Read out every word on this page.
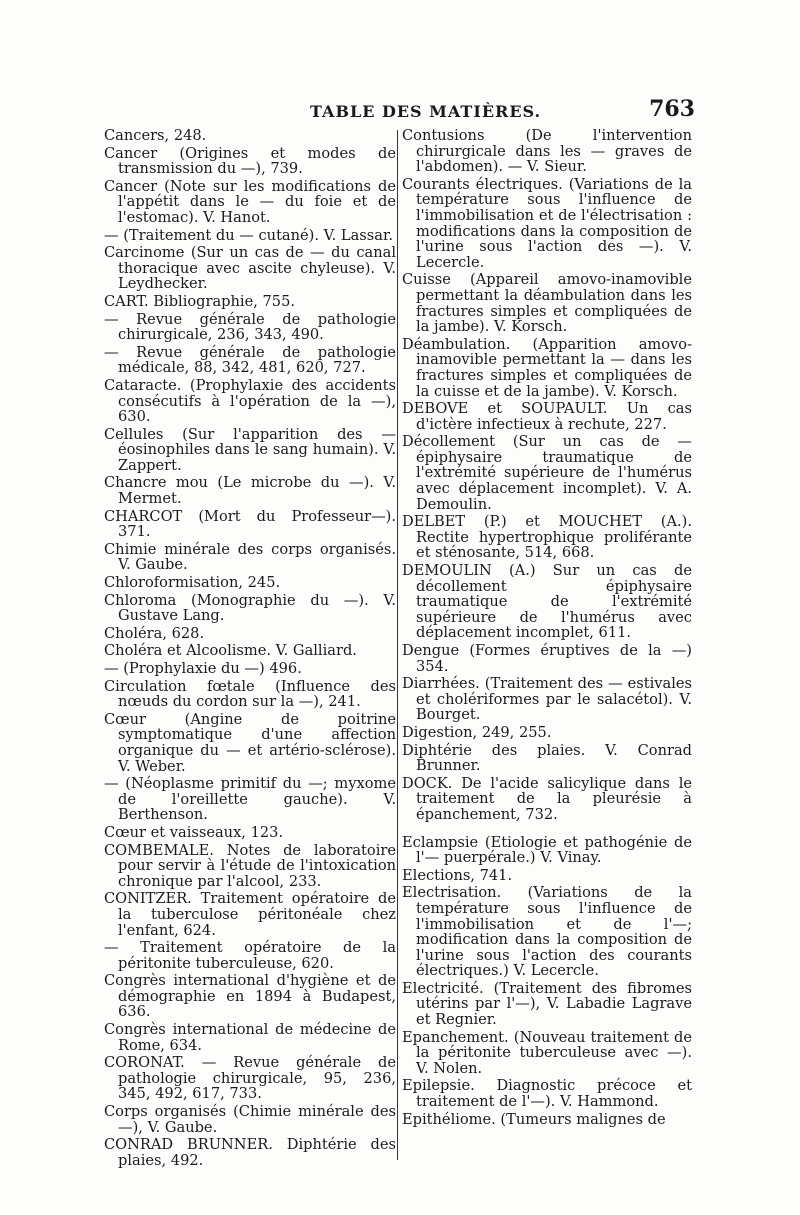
TABLE DES MATIÈRES.	763

Cancers, 248.

Cancer (Origines et modes de transmission du —), 739.

Cancer (Note sur les modifications de l'appétit dans le — du foie et de l'estomac). V. Hanot.

— (Traitement du — cutané). V. Lassar.

Carcinome (Sur un cas de — du canal thoracique avec ascite chyleuse). V. Leydhecker.

CART. Bibliographie, 755.

— Revue générale de pathologie chirurgicale, 236, 343, 490.

— Revue générale de pathologie médicale, 88, 342, 481, 620, 727.

Cataracte. (Prophylaxie des accidents consécutifs à l'opération de la —), 630.

Cellules (Sur l'apparition des — éosinophiles dans le sang humain). V. Zappert.

Chancre mou (Le microbe du —). V. Mermet.

CHARCOT (Mort du Professeur—). 371.

Chimie minérale des corps organisés. V. Gaube.

Chloroformisation, 245.

Chloroma (Monographie du —). V. Gustave Lang.

Choléra, 628.

Choléra et Alcoolisme. V. Galliard.

— (Prophylaxie du —) 496.

Circulation fœtale (Influence des nœuds du cordon sur la —), 241.

Cœur (Angine de poitrine symptomatique d'une affection organique du — et artério-sclérose). V. Weber.

— (Néoplasme primitif du —; myxome de l'oreillette gauche). V. Berthenson.

Cœur et vaisseaux, 123.

COMBEMALE. Notes de laboratoire pour servir à l'étude de l'intoxication chronique par l'alcool, 233.

CONITZER. Traitement opératoire de la tuberculose péritonéale chez l'enfant, 624.

— Traitement opératoire de la péritonite tuberculeuse, 620.

Congrès international d'hygiène et de démographie en 1894 à Budapest, 636.

Congrès international de médecine de Rome, 634.

CORONAT. — Revue générale de pathologie chirurgicale, 95, 236, 345, 492, 617, 733.

Corps organisés (Chimie minérale des —), V. Gaube.

CONRAD BRUNNER. Diphtérie des plaies, 492.

Contusions (De l'intervention chirurgicale dans les — graves de l'abdomen). — V. Sieur.

Courants électriques. (Variations de la température sous l'influence de l'immobilisation et de l'électrisation : modifications dans la composition de l'urine sous l'action des —). V. Lecercle.

Cuisse (Appareil amovo-inamovible permettant la déambulation dans les fractures simples et compliquées de la jambe). V. Korsch.

Déambulation. (Apparition amovo-inamovible permettant la — dans les fractures simples et compliquées de la cuisse et de la jambe). V. Korsch.

DEBOVE et SOUPAULT. Un cas d'ictère infectieux à rechute, 227.

Décollement (Sur un cas de — épiphysaire traumatique de l'extrémité supérieure de l'humérus avec déplacement incomplet). V. A. Demoulin.

DELBET (P.) et MOUCHET (A.). Rectite hypertrophique proliférante et sténosante, 514, 668.

DEMOULIN (A.) Sur un cas de décollement épiphysaire traumatique de l'extrémité supérieure de l'humérus avec déplacement incomplet, 611.

Dengue (Formes éruptives de la —) 354.

Diarrhées. (Traitement des — estivales et cholériformes par le salacétol). V. Bourget.

Digestion, 249, 255.

Diphtérie des plaies. V. Conrad Brunner.

DOCK. De l'acide salicylique dans le traitement de la pleurésie à épanchement, 732.

Eclampsie (Etiologie et pathogénie de l'— puerpérale.) V. Vinay.

Elections, 741.

Electrisation. (Variations de la température sous l'influence de l'immobilisation et de l'—; modification dans la composition de l'urine sous l'action des courants électriques.) V. Lecercle.

Electricité. (Traitement des fibromes utérins par l'—), V. Labadie Lagrave et Regnier.

Epanchement. (Nouveau traitement de la péritonite tuberculeuse avec —). V. Nolen.

Epilepsie. Diagnostic précoce et traitement de l'—). V. Hammond.

Epithéliome. (Tumeurs malignes de
